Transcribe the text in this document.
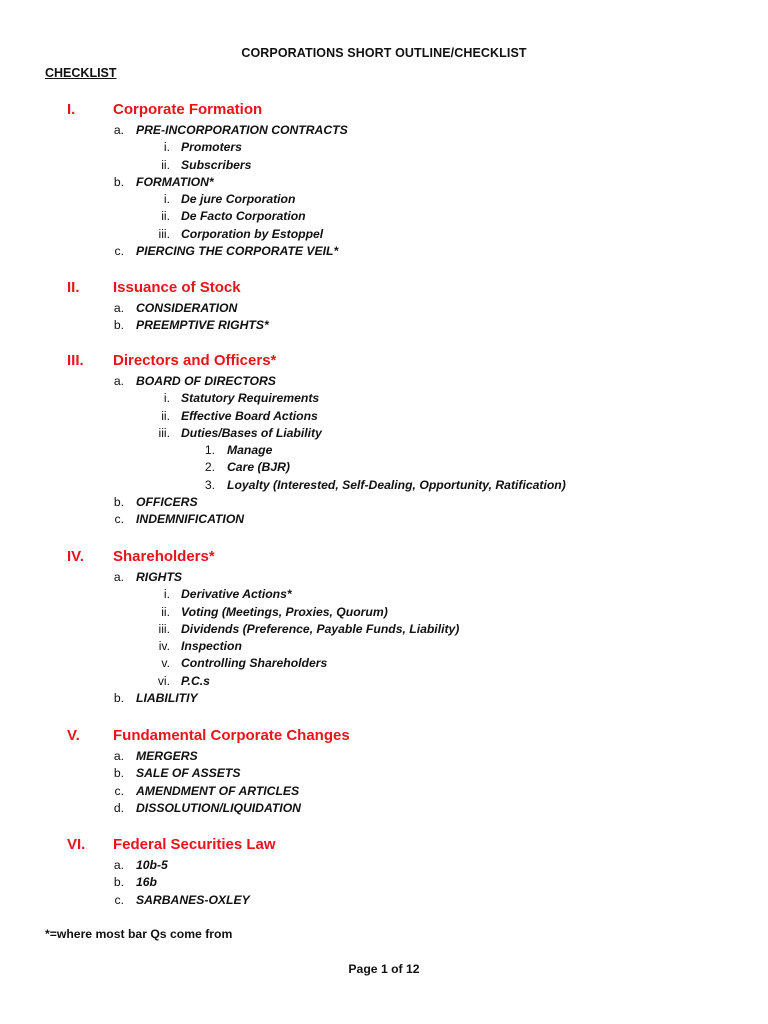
CORPORATIONS SHORT OUTLINE/CHECKLIST
CHECKLIST
I.	Corporate Formation
a. PRE-INCORPORATION CONTRACTS
i. Promoters
ii. Subscribers
b. FORMATION*
i. De jure Corporation
ii. De Facto Corporation
iii. Corporation by Estoppel
c. PIERCING THE CORPORATE VEIL*
II. Issuance of Stock
a. CONSIDERATION
b. PREEMPTIVE RIGHTS*
III. Directors and Officers*
a. BOARD OF DIRECTORS
i. Statutory Requirements
ii. Effective Board Actions
iii. Duties/Bases of Liability
1. Manage
2. Care (BJR)
3. Loyalty (Interested, Self-Dealing, Opportunity, Ratification)
b. OFFICERS
c. INDEMNIFICATION
IV. Shareholders*
a. RIGHTS
i. Derivative Actions*
ii. Voting (Meetings, Proxies, Quorum)
iii. Dividends (Preference, Payable Funds, Liability)
iv. Inspection
v. Controlling Shareholders
vi. P.C.s
b. LIABILITIY
V. Fundamental Corporate Changes
a. MERGERS
b. SALE OF ASSETS
c. AMENDMENT OF ARTICLES
d. DISSOLUTION/LIQUIDATION
VI. Federal Securities Law
a. 10b-5
b. 16b
c. SARBANES-OXLEY
*=where most bar Qs come from
Page 1 of 12
